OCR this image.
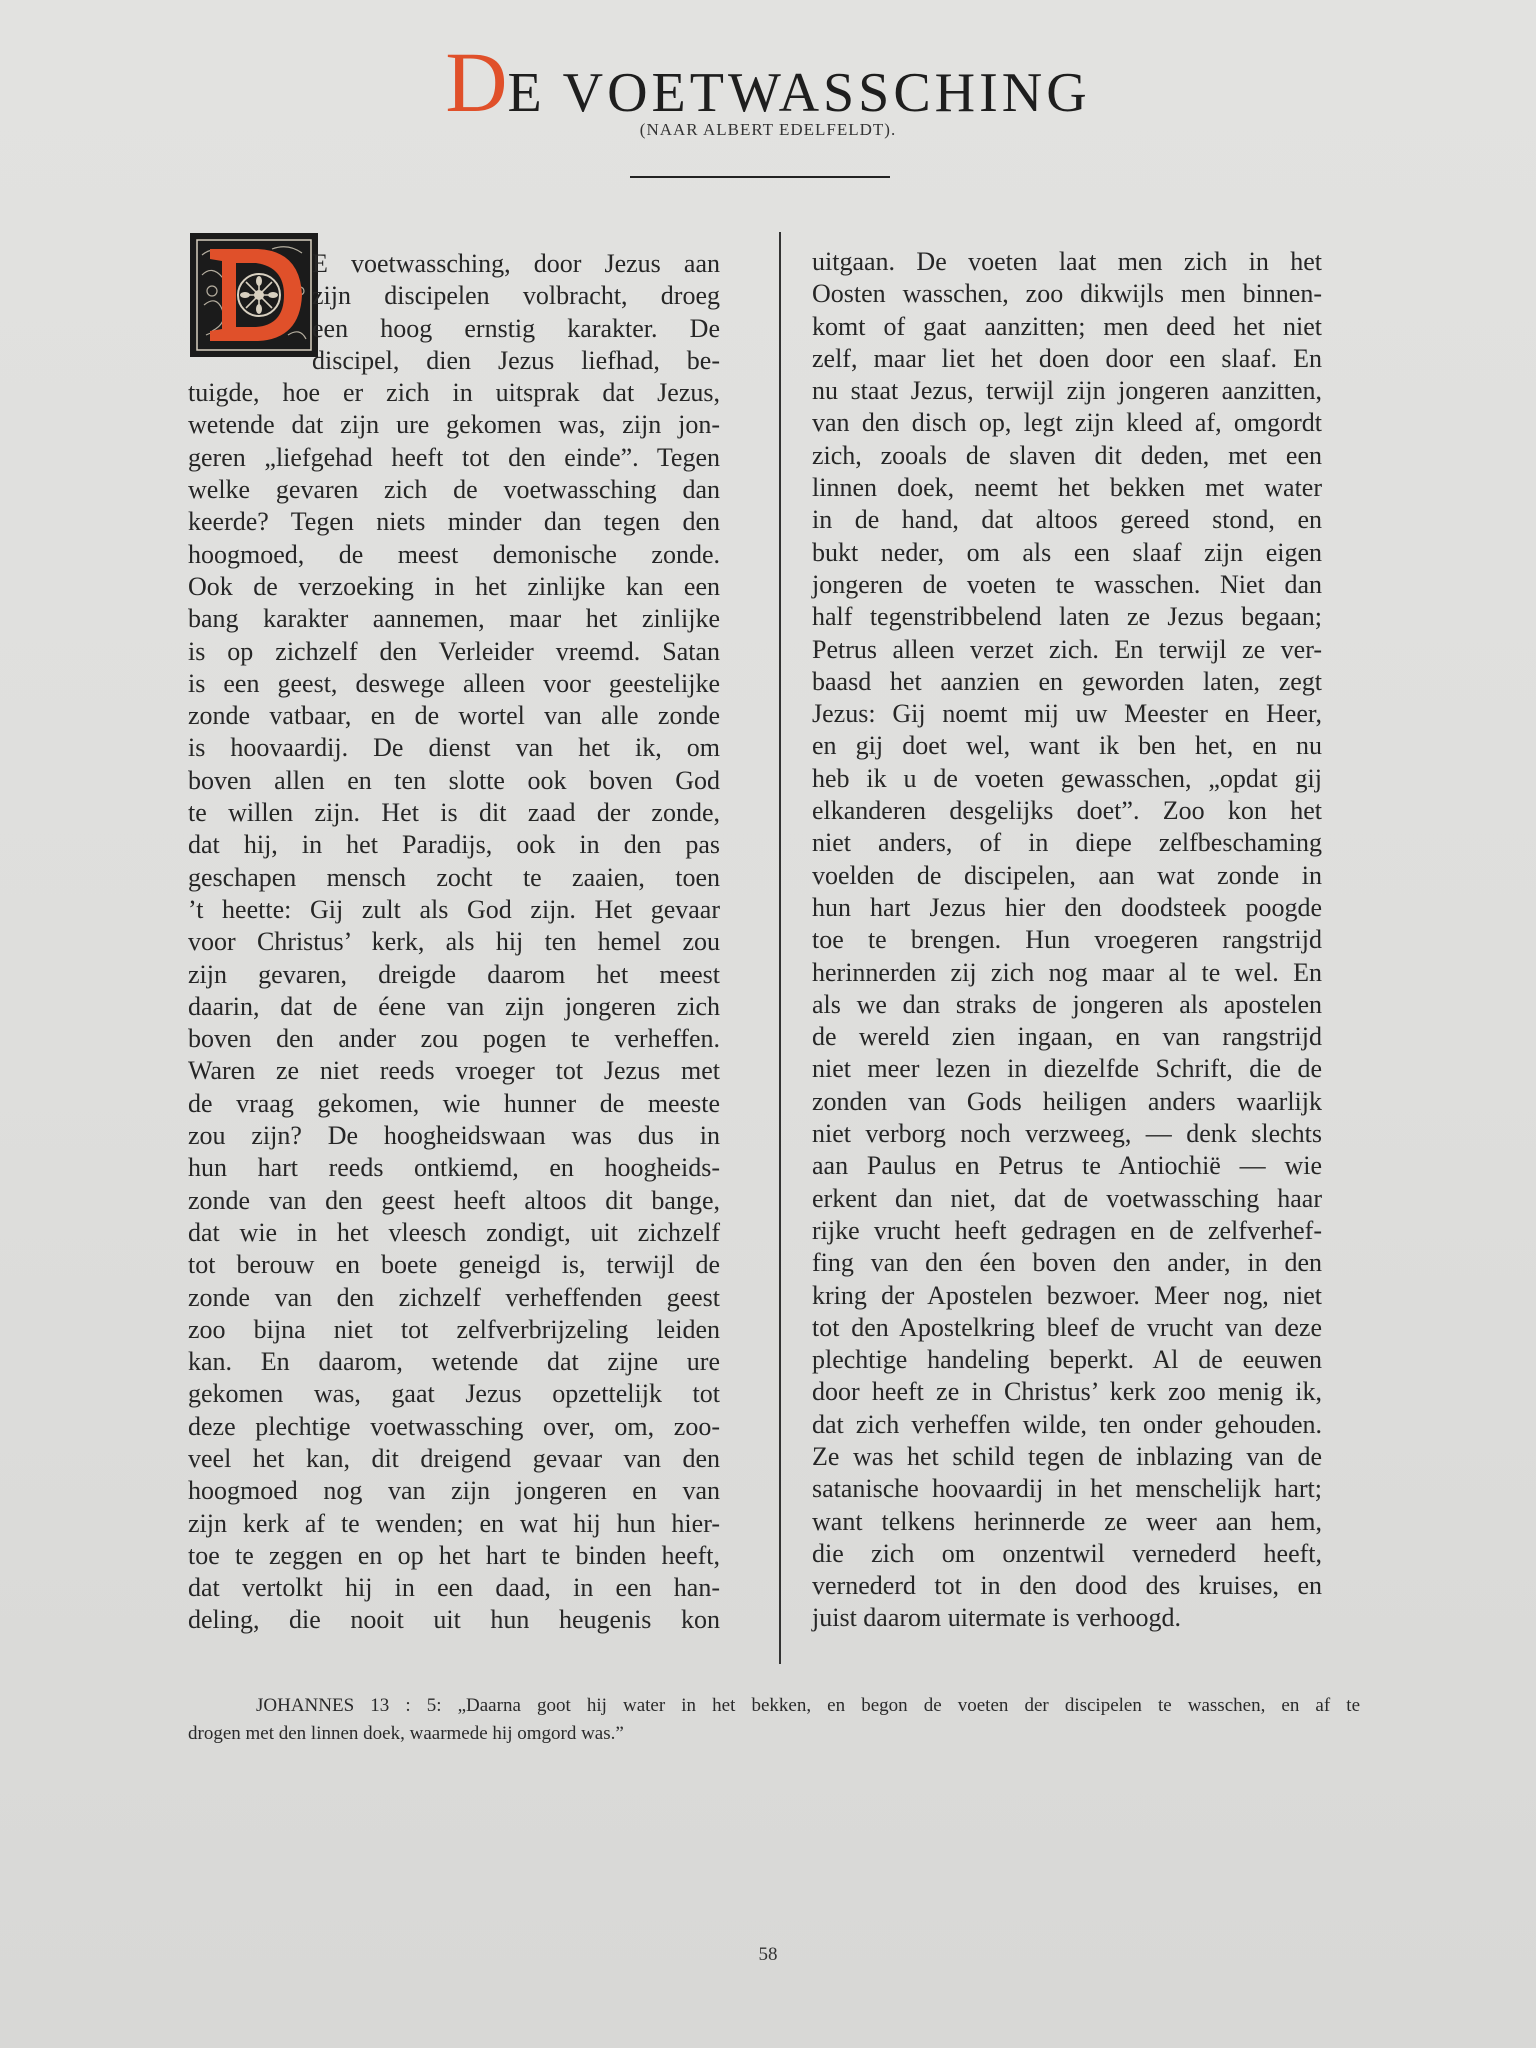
DE VOETWASSCHING
(NAAR ALBERT EDELFELDT).
E voetwassching, door Jezus aan
zijn discipelen volbracht, droeg
een hoog ernstig karakter. De
discipel, dien Jezus liefhad, be-
tuigde, hoe er zich in uitsprak dat Jezus,
wetende dat zijn ure gekomen was, zijn jon-
geren „liefgehad heeft tot den einde”. Tegen
welke gevaren zich de voetwassching dan
keerde? Tegen niets minder dan tegen den
hoogmoed, de meest demonische zonde.
Ook de verzoeking in het zinlijke kan een
bang karakter aannemen, maar het zinlijke
is op zichzelf den Verleider vreemd. Satan
is een geest, deswege alleen voor geestelijke
zonde vatbaar, en de wortel van alle zonde
is hoovaardij. De dienst van het ik, om
boven allen en ten slotte ook boven God
te willen zijn. Het is dit zaad der zonde,
dat hij, in het Paradijs, ook in den pas
geschapen mensch zocht te zaaien, toen
’t heette: Gij zult als God zijn. Het gevaar
voor Christus’ kerk, als hij ten hemel zou
zijn gevaren, dreigde daarom het meest
daarin, dat de éene van zijn jongeren zich
boven den ander zou pogen te verheffen.
Waren ze niet reeds vroeger tot Jezus met
de vraag gekomen, wie hunner de meeste
zou zijn? De hoogheidswaan was dus in
hun hart reeds ontkiemd, en hoogheids-
zonde van den geest heeft altoos dit bange,
dat wie in het vleesch zondigt, uit zichzelf
tot berouw en boete geneigd is, terwijl de
zonde van den zichzelf verheffenden geest
zoo bijna niet tot zelfverbrijzeling leiden
kan. En daarom, wetende dat zijne ure
gekomen was, gaat Jezus opzettelijk tot
deze plechtige voetwassching over, om, zoo-
veel het kan, dit dreigend gevaar van den
hoogmoed nog van zijn jongeren en van
zijn kerk af te wenden; en wat hij hun hier-
toe te zeggen en op het hart te binden heeft,
dat vertolkt hij in een daad, in een han-
deling, die nooit uit hun heugenis kon
uitgaan. De voeten laat men zich in het
Oosten wasschen, zoo dikwijls men binnen-
komt of gaat aanzitten; men deed het niet
zelf, maar liet het doen door een slaaf. En
nu staat Jezus, terwijl zijn jongeren aanzitten,
van den disch op, legt zijn kleed af, omgordt
zich, zooals de slaven dit deden, met een
linnen doek, neemt het bekken met water
in de hand, dat altoos gereed stond, en
bukt neder, om als een slaaf zijn eigen
jongeren de voeten te wasschen. Niet dan
half tegenstribbelend laten ze Jezus begaan;
Petrus alleen verzet zich. En terwijl ze ver-
baasd het aanzien en geworden laten, zegt
Jezus: Gij noemt mij uw Meester en Heer,
en gij doet wel, want ik ben het, en nu
heb ik u de voeten gewasschen, „opdat gij
elkanderen desgelijks doet”. Zoo kon het
niet anders, of in diepe zelfbeschaming
voelden de discipelen, aan wat zonde in
hun hart Jezus hier den doodsteek poogde
toe te brengen. Hun vroegeren rangstrijd
herinnerden zij zich nog maar al te wel. En
als we dan straks de jongeren als apostelen
de wereld zien ingaan, en van rangstrijd
niet meer lezen in diezelfde Schrift, die de
zonden van Gods heiligen anders waarlijk
niet verborg noch verzweeg, — denk slechts
aan Paulus en Petrus te Antiochië — wie
erkent dan niet, dat de voetwassching haar
rijke vrucht heeft gedragen en de zelfverhef-
fing van den éen boven den ander, in den
kring der Apostelen bezwoer. Meer nog, niet
tot den Apostelkring bleef de vrucht van deze
plechtige handeling beperkt. Al de eeuwen
door heeft ze in Christus’ kerk zoo menig ik,
dat zich verheffen wilde, ten onder gehouden.
Ze was het schild tegen de inblazing van de
satanische hoovaardij in het menschelijk hart;
want telkens herinnerde ze weer aan hem,
die zich om onzentwil vernederd heeft,
vernederd tot in den dood des kruises, en
juist daarom uitermate is verhoogd.
JOHANNES 13 : 5: „Daarna goot hij water in het bekken, en begon de voeten der discipelen te wasschen, en af te
drogen met den linnen doek, waarmede hij omgord was.”
58
